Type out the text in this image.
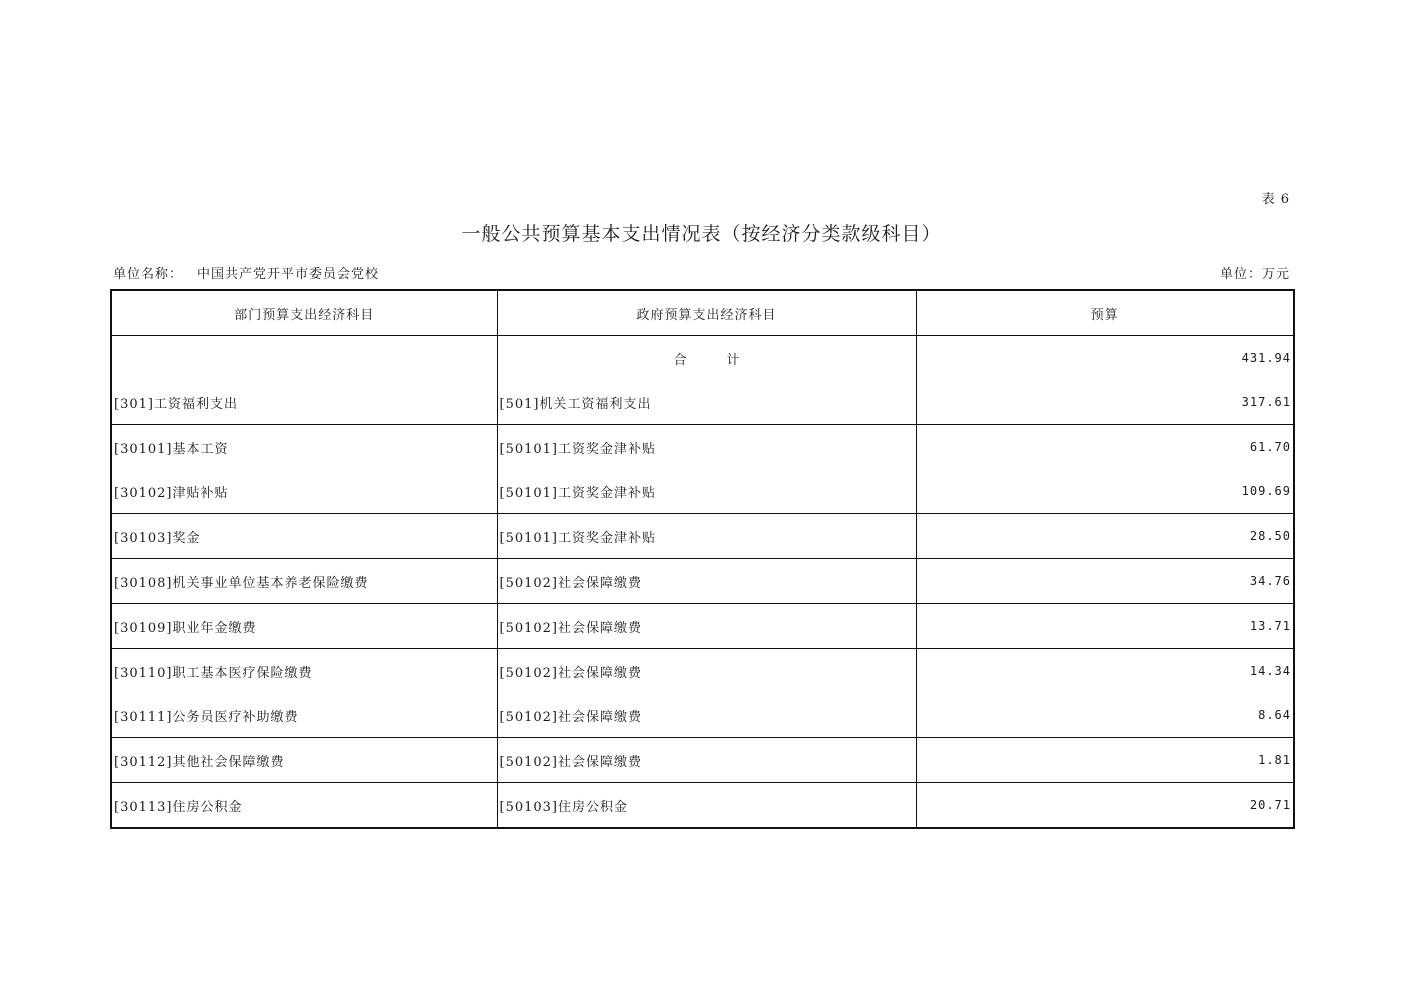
表 6
一般公共预算基本支出情况表（按经济分类款级科目）
单位名称： 中国共产党开平市委员会党校	单位：万元
部门预算支出经济科目	政府预算支出经济科目	预算
	合计	431.94
[301]工资福利支出	[501]机关工资福利支出	317.61
[30101]基本工资	[50101]工资奖金津补贴	61.70
[30102]津贴补贴	[50101]工资奖金津补贴	109.69
[30103]奖金	[50101]工资奖金津补贴	28.50
[30108]机关事业单位基本养老保险缴费	[50102]社会保障缴费	34.76
[30109]职业年金缴费	[50102]社会保障缴费	13.71
[30110]职工基本医疗保险缴费	[50102]社会保障缴费	14.34
[30111]公务员医疗补助缴费	[50102]社会保障缴费	8.64
[30112]其他社会保障缴费	[50102]社会保障缴费	1.81
[30113]住房公积金	[50103]住房公积金	20.71
